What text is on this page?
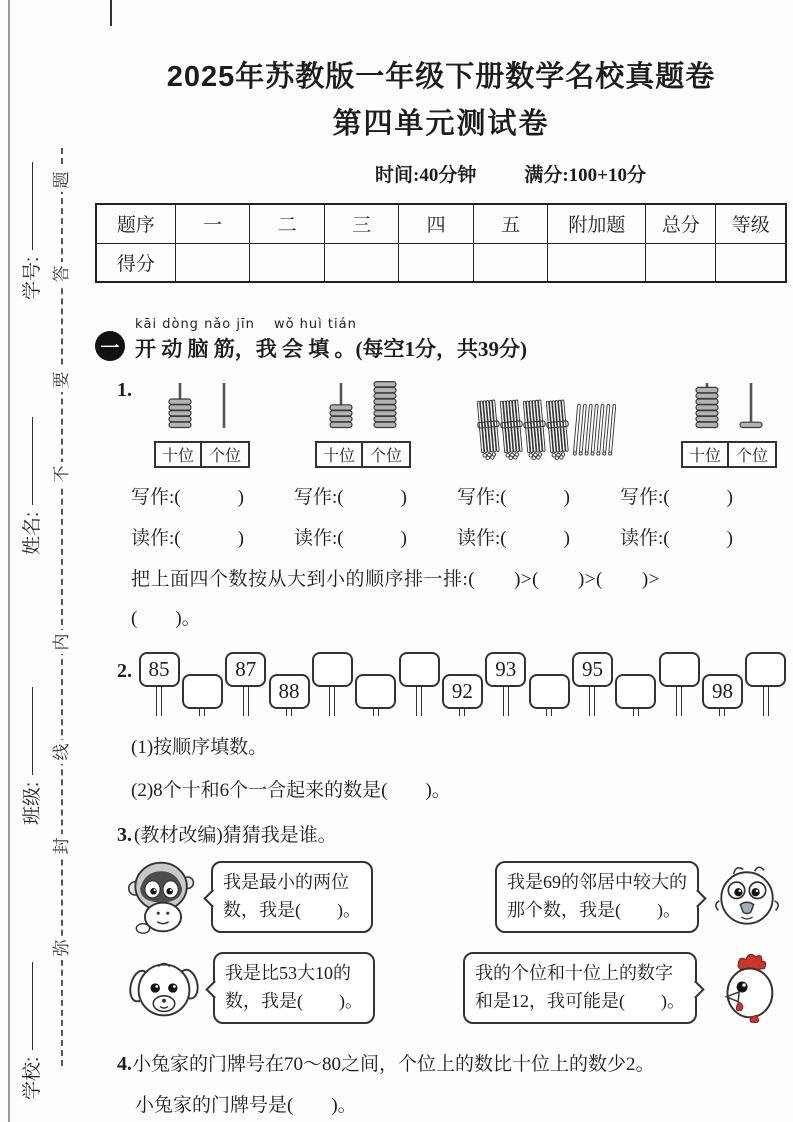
学号:
姓名:
班级:
学校:
题
答
要
不
内
线
封
弥
2025年苏教版一年级下册数学名校真题卷
第四单元测试卷
时间:40分钟	满分:100+10分
题序	一	二	三	四	五	附加题	总分	等级
得分								
一
kāi dòng nǎo jīn　 wǒ huì tián
开 动 脑 筋，我 会 填 。(每空1分，共39分)
1.
十位 个位	十位 个位	十位 个位
写作:(　　　)	写作:(　　　)	写作:(　　　)	写作:(　　　)
读作:(　　　)	读作:(　　　)	读作:(　　　)	读作:(　　　)
把上面四个数按从大到小的顺序排一排:(　　)>(　　)>(　　)>
(　　)。
2. 85	87
88	92
93	95
98
(1)按顺序填数。
(2)8个十和6个一合起来的数是(　　)。
3. (教材改编)猜猜我是谁。
我是最小的两位
数，我是(　　)。
我是69的邻居中较大的
那个数，我是(　　)。
我是比53大10的
数，我是(　　)。
我的个位和十位上的数字
和是12，我可能是(　　)。
4.小兔家的门牌号在70～80之间，个位上的数比十位上的数少2。
小兔家的门牌号是(　　)。
